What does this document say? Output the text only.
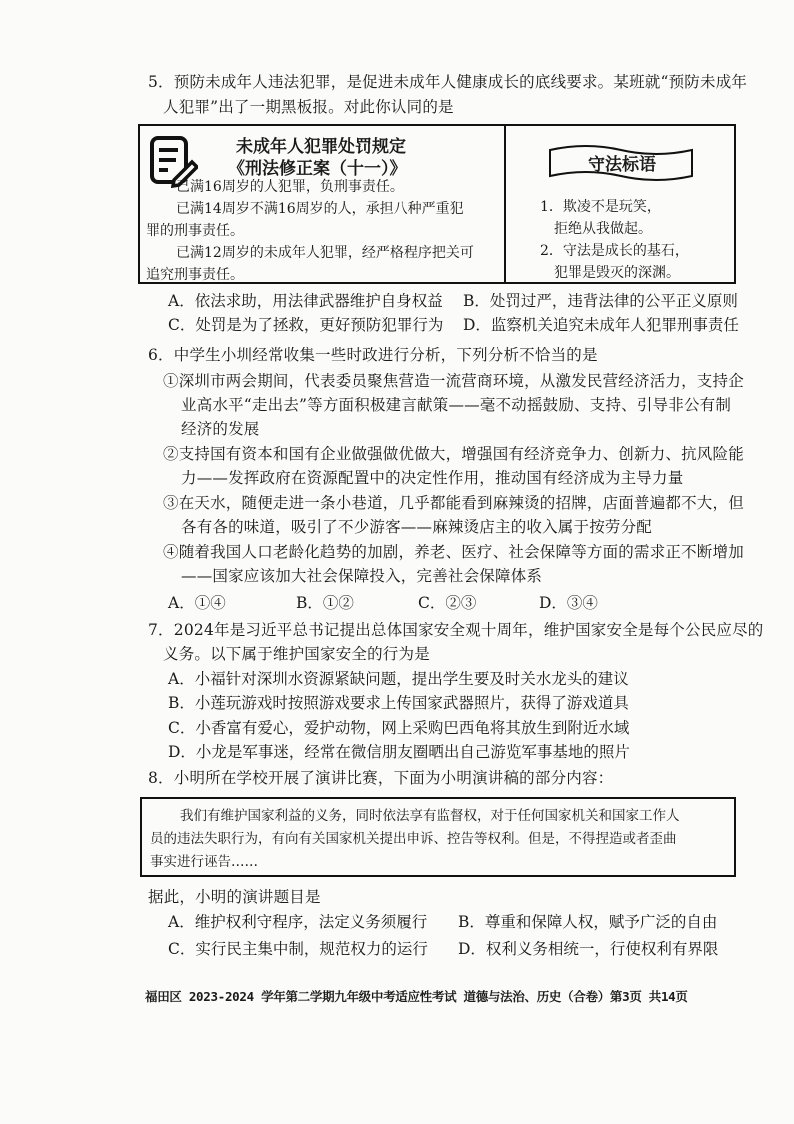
5．预防未成年人违法犯罪，是促进未成年人健康成长的底线要求。某班就“预防未成年
人犯罪”出了一期黑板报。对此你认同的是
未成年人犯罪处罚规定
《刑法修正案（十一）》
已满16周岁的人犯罪，负刑事责任。
已满14周岁不满16周岁的人，承担八种严重犯
罪的刑事责任。
已满12周岁的未成年人犯罪，经严格程序把关可
追究刑事责任。
守法标语
1．欺凌不是玩笑，
拒绝从我做起。
2．守法是成长的基石，
犯罪是毁灭的深渊。
A．依法求助，用法律武器维护自身权益 B．处罚过严，违背法律的公平正义原则
C．处罚是为了拯救，更好预防犯罪行为 D．监察机关追究未成年人犯罪刑事责任
6．中学生小圳经常收集一些时政进行分析，下列分析不恰当的是
①深圳市两会期间，代表委员聚焦营造一流营商环境，从激发民营经济活力，支持企
业高水平“走出去”等方面积极建言献策——毫不动摇鼓励、支持、引导非公有制
经济的发展
②支持国有资本和国有企业做强做优做大，增强国有经济竞争力、创新力、抗风险能
力——发挥政府在资源配置中的决定性作用，推动国有经济成为主导力量
③在天水，随便走进一条小巷道，几乎都能看到麻辣烫的招牌，店面普遍都不大，但
各有各的味道，吸引了不少游客——麻辣烫店主的收入属于按劳分配
④随着我国人口老龄化趋势的加剧，养老、医疗、社会保障等方面的需求正不断增加
——国家应该加大社会保障投入，完善社会保障体系
A．①④	B．①②	C．②③	D．③④
7．2024年是习近平总书记提出总体国家安全观十周年，维护国家安全是每个公民应尽的
义务。以下属于维护国家安全的行为是
A．小福针对深圳水资源紧缺问题，提出学生要及时关水龙头的建议
B．小莲玩游戏时按照游戏要求上传国家武器照片，获得了游戏道具
C．小香富有爱心，爱护动物，网上采购巴西龟将其放生到附近水域
D．小龙是军事迷，经常在微信朋友圈晒出自己游览军事基地的照片
8．小明所在学校开展了演讲比赛，下面为小明演讲稿的部分内容：
我们有维护国家利益的义务，同时依法享有监督权，对于任何国家机关和国家工作人
员的违法失职行为，有向有关国家机关提出申诉、控告等权利。但是，不得捏造或者歪曲
事实进行诬告……
据此，小明的演讲题目是
A．维护权利守程序，法定义务须履行 B．尊重和保障人权，赋予广泛的自由
C．实行民主集中制，规范权力的运行 D．权利义务相统一，行使权利有界限
福田区 2023-2024 学年第二学期九年级中考适应性考试 道德与法治、历史（合卷）第3页 共14页
